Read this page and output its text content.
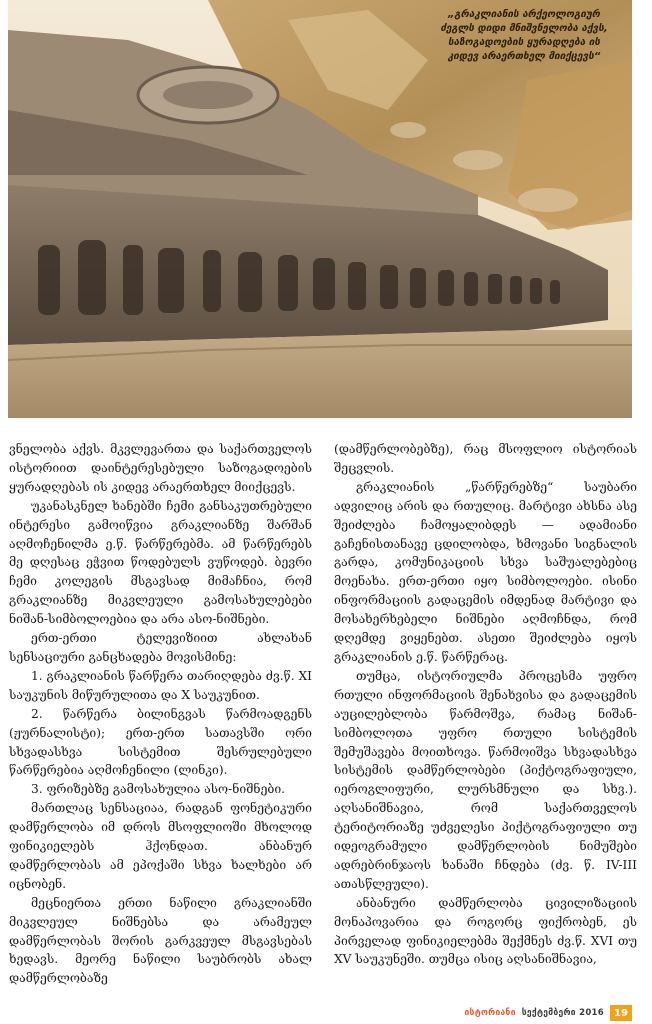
„გრაკლიანის არქეოლოგიურ
ძეგლს დიდი მნიშვნელობა აქვს,
საზოგადოების ყურადღება ის
კიდევ არაერთხელ მიიქცევს“

ვნელობა აქვს. მკვლევართა და საქართველოს ისტორიით დაინტერესებული საზოგადოების ყურადღებას ის კიდევ არაერთხელ მიიქცევს.

უკანასკნელ ხანებში ჩემი განსაკუთრებული ინტერესი გამოიწვია გრაკლიანზე შარშან აღმოჩენილმა ე.წ. წარწერებმა. ამ წარწერებს მე დღესაც ეჭვით წოდებულს ვუწოდებ. ბევრი ჩემი კოლეგის მსგავსად მიმაჩნია, რომ გრაკლიანზე მიკვლეული გამოსახულებები ნიშან-სიმბოლოებია და არა ასო-ნიშნები.

ერთ-ერთი ტელევიზიით ახლახან სენსაციური განცხადება მოვისმინე:

1. გრაკლიანის წარწერა თარიღდება ძვ.წ. XI საუკუნის მიწურულითა და X საუკუნით.

2. წარწერა ბილინგვას წარმოადგენს (ჟურნალისტი); ერთ-ერთ სათავსში ორი სხვადასხვა სისტემით შესრულებული წარწერებია აღმოჩენილი (ლინკი).

3. ფრიზებზე გამოსახულია ასო-ნიშნები.

მართლაც სენსაციაა, რადგან ფონეტიკური დამწერლობა იმ დროს მსოფლიოში მხოლოდ ფინიკიელებს ჰქონდათ. ანბანურ დამწერლობას ამ ეპოქაში სხვა ხალხები არ იცნობენ.

მეცნიერთა ერთი ნაწილი გრაკლიანში მიკვლეულ ნიშნებსა და არამეულ დამწერლობას შორის გარკვეულ მსგავსებას ხედავს. მეორე ნაწილი საუბრობს ახალ დამწერლობაზე

(დამწერლობებზე), რაც მსოფლიო ისტორიას შეცვლის.

გრაკლიანის „წარწერებზე“ საუბარი ადვილიც არის და რთულიც. მარტივი ახსნა ასე შეიძლება ჩამოყალიბდეს — ადამიანი გაჩენისთანავე ცდილობდა, ხმოვანი სიგნალის გარდა, კომუნიკაციის სხვა საშუალებებიც მოენახა. ერთ-ერთი იყო სიმბოლოები. ისინი ინფორმაციის გადაცემის იმდენად მარტივი და მოსახერხებელი ნიშნები აღმოჩნდა, რომ დღემდე ვიყენებთ. ასეთი შეიძლება იყოს გრაკლიანის ე.წ. წარწერაც.

თუმცა, ისტორიულმა პროცესმა უფრო რთული ინფორმაციის შენახვისა და გადაცემის აუცილებლობა წარმოშვა, რამაც ნიშან-სიმბოლოთა უფრო რთული სისტემის შემუშავება მოითხოვა. წარმოიშვა სხვადასხვა სისტემის დამწერლობები (პიქტოგრაფიული, იეროგლიფური, ლურსმნული და სხვ.). აღსანიშნავია, რომ საქართველოს ტერიტორიაზე უძველესი პიქტოგრაფიული თუ იდეოგრამული დამწერლობის ნიმუშები ადრებრინჯაოს ხანაში ჩნდება (ძვ. წ. IV-III ათასწლეული).

ანბანური დამწერლობა ცივილიზაციის მონაპოვარია და როგორც ფიქრობენ, ეს პირველად ფინიკიელებმა შექმნეს ძვ.წ. XVI თუ XV საუკუნეში. თუმცა ისიც აღსანიშნავია,

ისტორიანი სექტემბერი 2016	19
